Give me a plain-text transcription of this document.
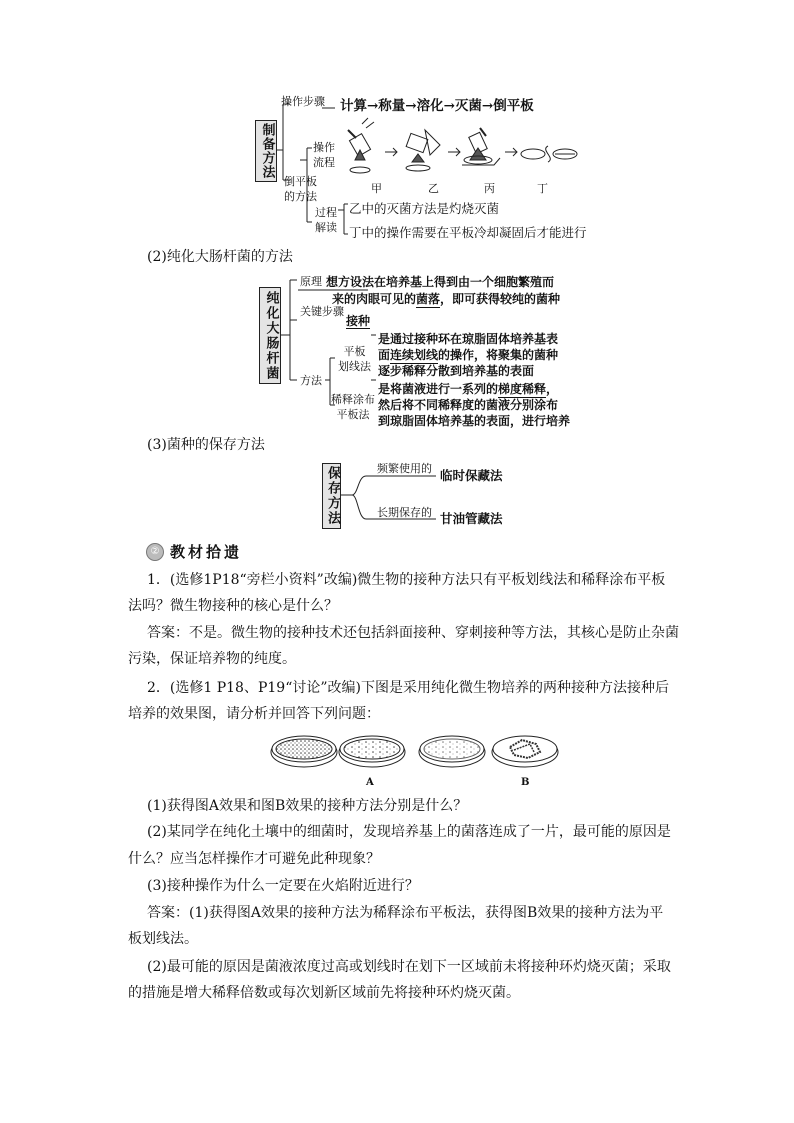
制备方法
操作步骤 计算→称量→溶化→灭菌→倒平板
倒平板
的方法
操作
流程
甲	乙	丙	丁
过程
解读
乙中的灭菌方法是灼烧灭菌
丁中的操作需要在平板冷却凝固后才能进行
(2)纯化大肠杆菌的方法
纯化大肠杆菌
原理 想方设法在培养基上得到由一个细胞繁殖而
来的肉眼可见的菌落，即可获得较纯的菌种
关键步骤
接种
方法
平板
划线法
是通过接种环在琼脂固体培养基表
面连续划线的操作，将聚集的菌种
逐步稀释分散到培养基的表面
稀释涂布
平板法
是将菌液进行一系列的梯度稀释，
然后将不同稀释度的菌液分别涂布
到琼脂固体培养基的表面，进行培养
(3)菌种的保存方法
保存方法	频繁使用的 临时保藏法
长期保存的 甘油管藏法
② 教材拾遗
1．(选修1P18“旁栏小资料”改编)微生物的接种方法只有平板划线法和稀释涂布平板
法吗？微生物接种的核心是什么？
答案：不是。微生物的接种技术还包括斜面接种、穿刺接种等方法，其核心是防止杂菌
污染，保证培养物的纯度。
2．(选修1 P18、P19“讨论”改编)下图是采用纯化微生物培养的两种接种方法接种后
培养的效果图，请分析并回答下列问题：
A	B
(1)获得图A效果和图B效果的接种方法分别是什么？
(2)某同学在纯化土壤中的细菌时，发现培养基上的菌落连成了一片，最可能的原因是
什么？应当怎样操作才可避免此种现象？
(3)接种操作为什么一定要在火焰附近进行？
答案：(1)获得图A效果的接种方法为稀释涂布平板法，获得图B效果的接种方法为平
板划线法。
(2)最可能的原因是菌液浓度过高或划线时在划下一区域前未将接种环灼烧灭菌；采取
的措施是增大稀释倍数或每次划新区域前先将接种环灼烧灭菌。
